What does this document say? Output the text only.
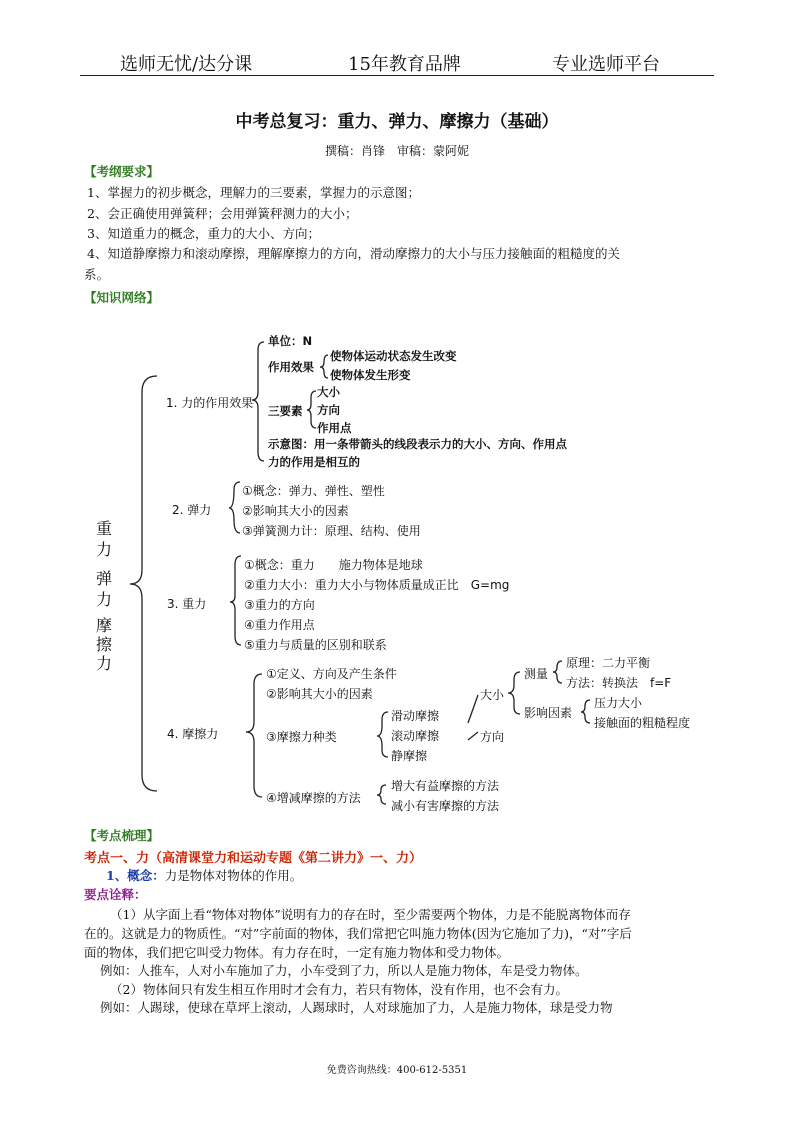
选师无忧/达分课	15年教育品牌	专业选师平台
中考总复习：重力、弹力、摩擦力（基础）
撰稿：肖锋　审稿：蒙阿妮
【考纲要求】
1、掌握力的初步概念，理解力的三要素，掌握力的示意图；
2、会正确使用弹簧秤；会用弹簧秤测力的大小；
3、知道重力的概念，重力的大小、方向；
4、知道静摩擦力和滚动摩擦，理解摩擦力的方向，滑动摩擦力的大小与压力接触面的粗糙度的关
系。
【知识网络】
重
力
弹
力
摩
擦
力
1. 力的作用效果
单位：N
作用效果
使物体运动状态发生改变
使物体发生形变
三要素
大小
方向
作用点
示意图：用一条带箭头的线段表示力的大小、方向、作用点
力的作用是相互的
2. 弹力
①概念：弹力、弹性、塑性
②影响其大小的因素
③弹簧测力计：原理、结构、使用
3. 重力
①概念：重力　　施力物体是地球
②重力大小：重力大小与物体质量成正比　G=mg
③重力的方向
④重力作用点
⑤重力与质量的区别和联系
4. 摩擦力
①定义、方向及产生条件
②影响其大小的因素
③摩擦力种类
④增减摩擦的方法
滑动摩擦
滚动摩擦
静摩擦
大小
方向
测量
原理：二力平衡
方法：转换法　f=F
影响因素
压力大小
接触面的粗糙程度
增大有益摩擦的方法
减小有害摩擦的方法
【考点梳理】
考点一、力（高清课堂力和运动专题《第二讲力》一、力）
1、概念：力是物体对物体的作用。
要点诠释：
（1）从字面上看“物体对物体”说明有力的存在时，至少需要两个物体，力是不能脱离物体而存
在的。这就是力的物质性。“对”字前面的物体，我们常把它叫施力物体(因为它施加了力)，“对”字后
面的物体，我们把它叫受力物体。有力存在时，一定有施力物体和受力物体。
例如：人推车，人对小车施加了力，小车受到了力，所以人是施力物体，车是受力物体。
（2）物体间只有发生相互作用时才会有力，若只有物体，没有作用，也不会有力。
例如：人踢球，使球在草坪上滚动，人踢球时，人对球施加了力，人是施力物体，球是受力物
免费咨询热线：400-612-5351
